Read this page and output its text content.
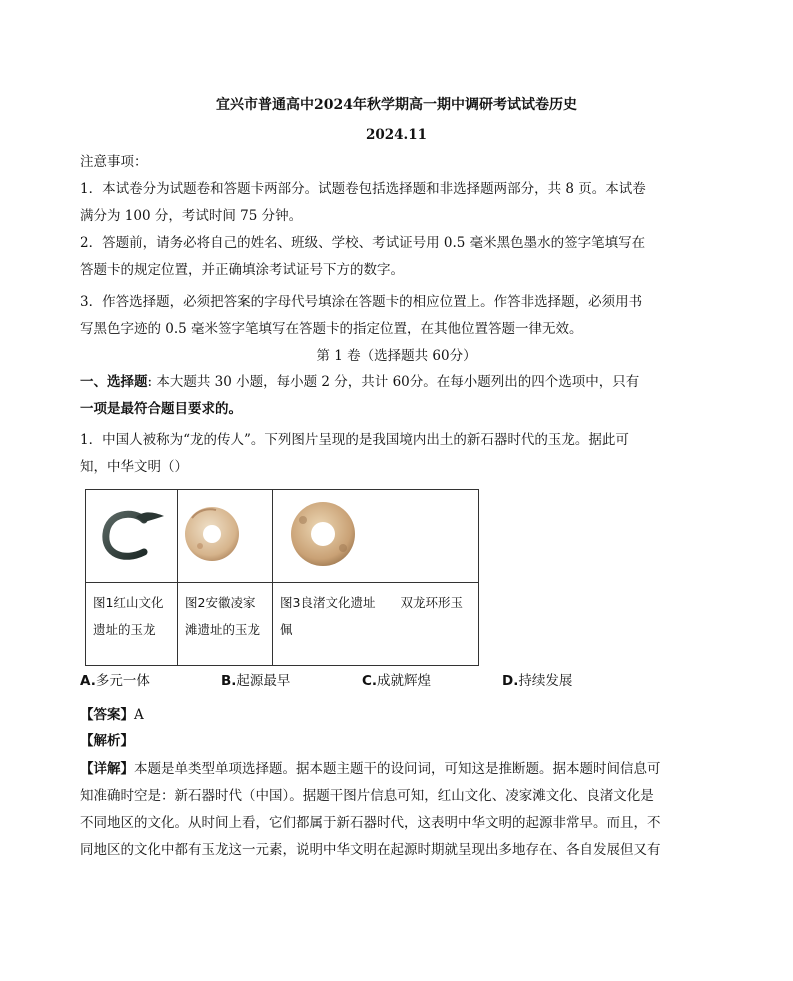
宜兴市普通高中2024年秋学期高一期中调研考试试卷历史
2024.11
注意事项：
1．本试卷分为试题卷和答题卡两部分。试题卷包括选择题和非选择题两部分，共 8 页。本试卷
满分为 100 分，考试时间 75 分钟。
2．答题前，请务必将自己的姓名、班级、学校、考试证号用 0.5 毫米黑色墨水的签字笔填写在
答题卡的规定位置，并正确填涂考试证号下方的数字。
3．作答选择题，必须把答案的字母代号填涂在答题卡的相应位置上。作答非选择题，必须用书
写黑色字迹的 0.5 毫米签字笔填写在答题卡的指定位置，在其他位置答题一律无效。
第 1 卷（选择题共 60分）
一、选择题: 本大题共 30 小题，每小题 2 分，共计 60分。在每小题列出的四个选项中，只有
一项是最符合题目要求的。
1．中国人被称为“龙的传人”。下列图片呈现的是我国境内出土的新石器时代的玉龙。据此可
知，中华文明（）

图1红山文化
遗址的玉龙	图2安徽凌家
滩遗址的玉龙	图3良渚文化遗址　　双龙环形玉
佩
A.多元一体	B.起源最早	C.成就辉煌	D.持续发展
【答案】A
【解析】
【详解】本题是单类型单项选择题。据本题主题干的设问词，可知这是推断题。据本题时间信息可
知准确时空是：新石器时代（中国）。据题干图片信息可知，红山文化、凌家滩文化、良渚文化是
不同地区的文化。从时间上看，它们都属于新石器时代，这表明中华文明的起源非常早。而且，不
同地区的文化中都有玉龙这一元素，说明中华文明在起源时期就呈现出多地存在、各自发展但又有
